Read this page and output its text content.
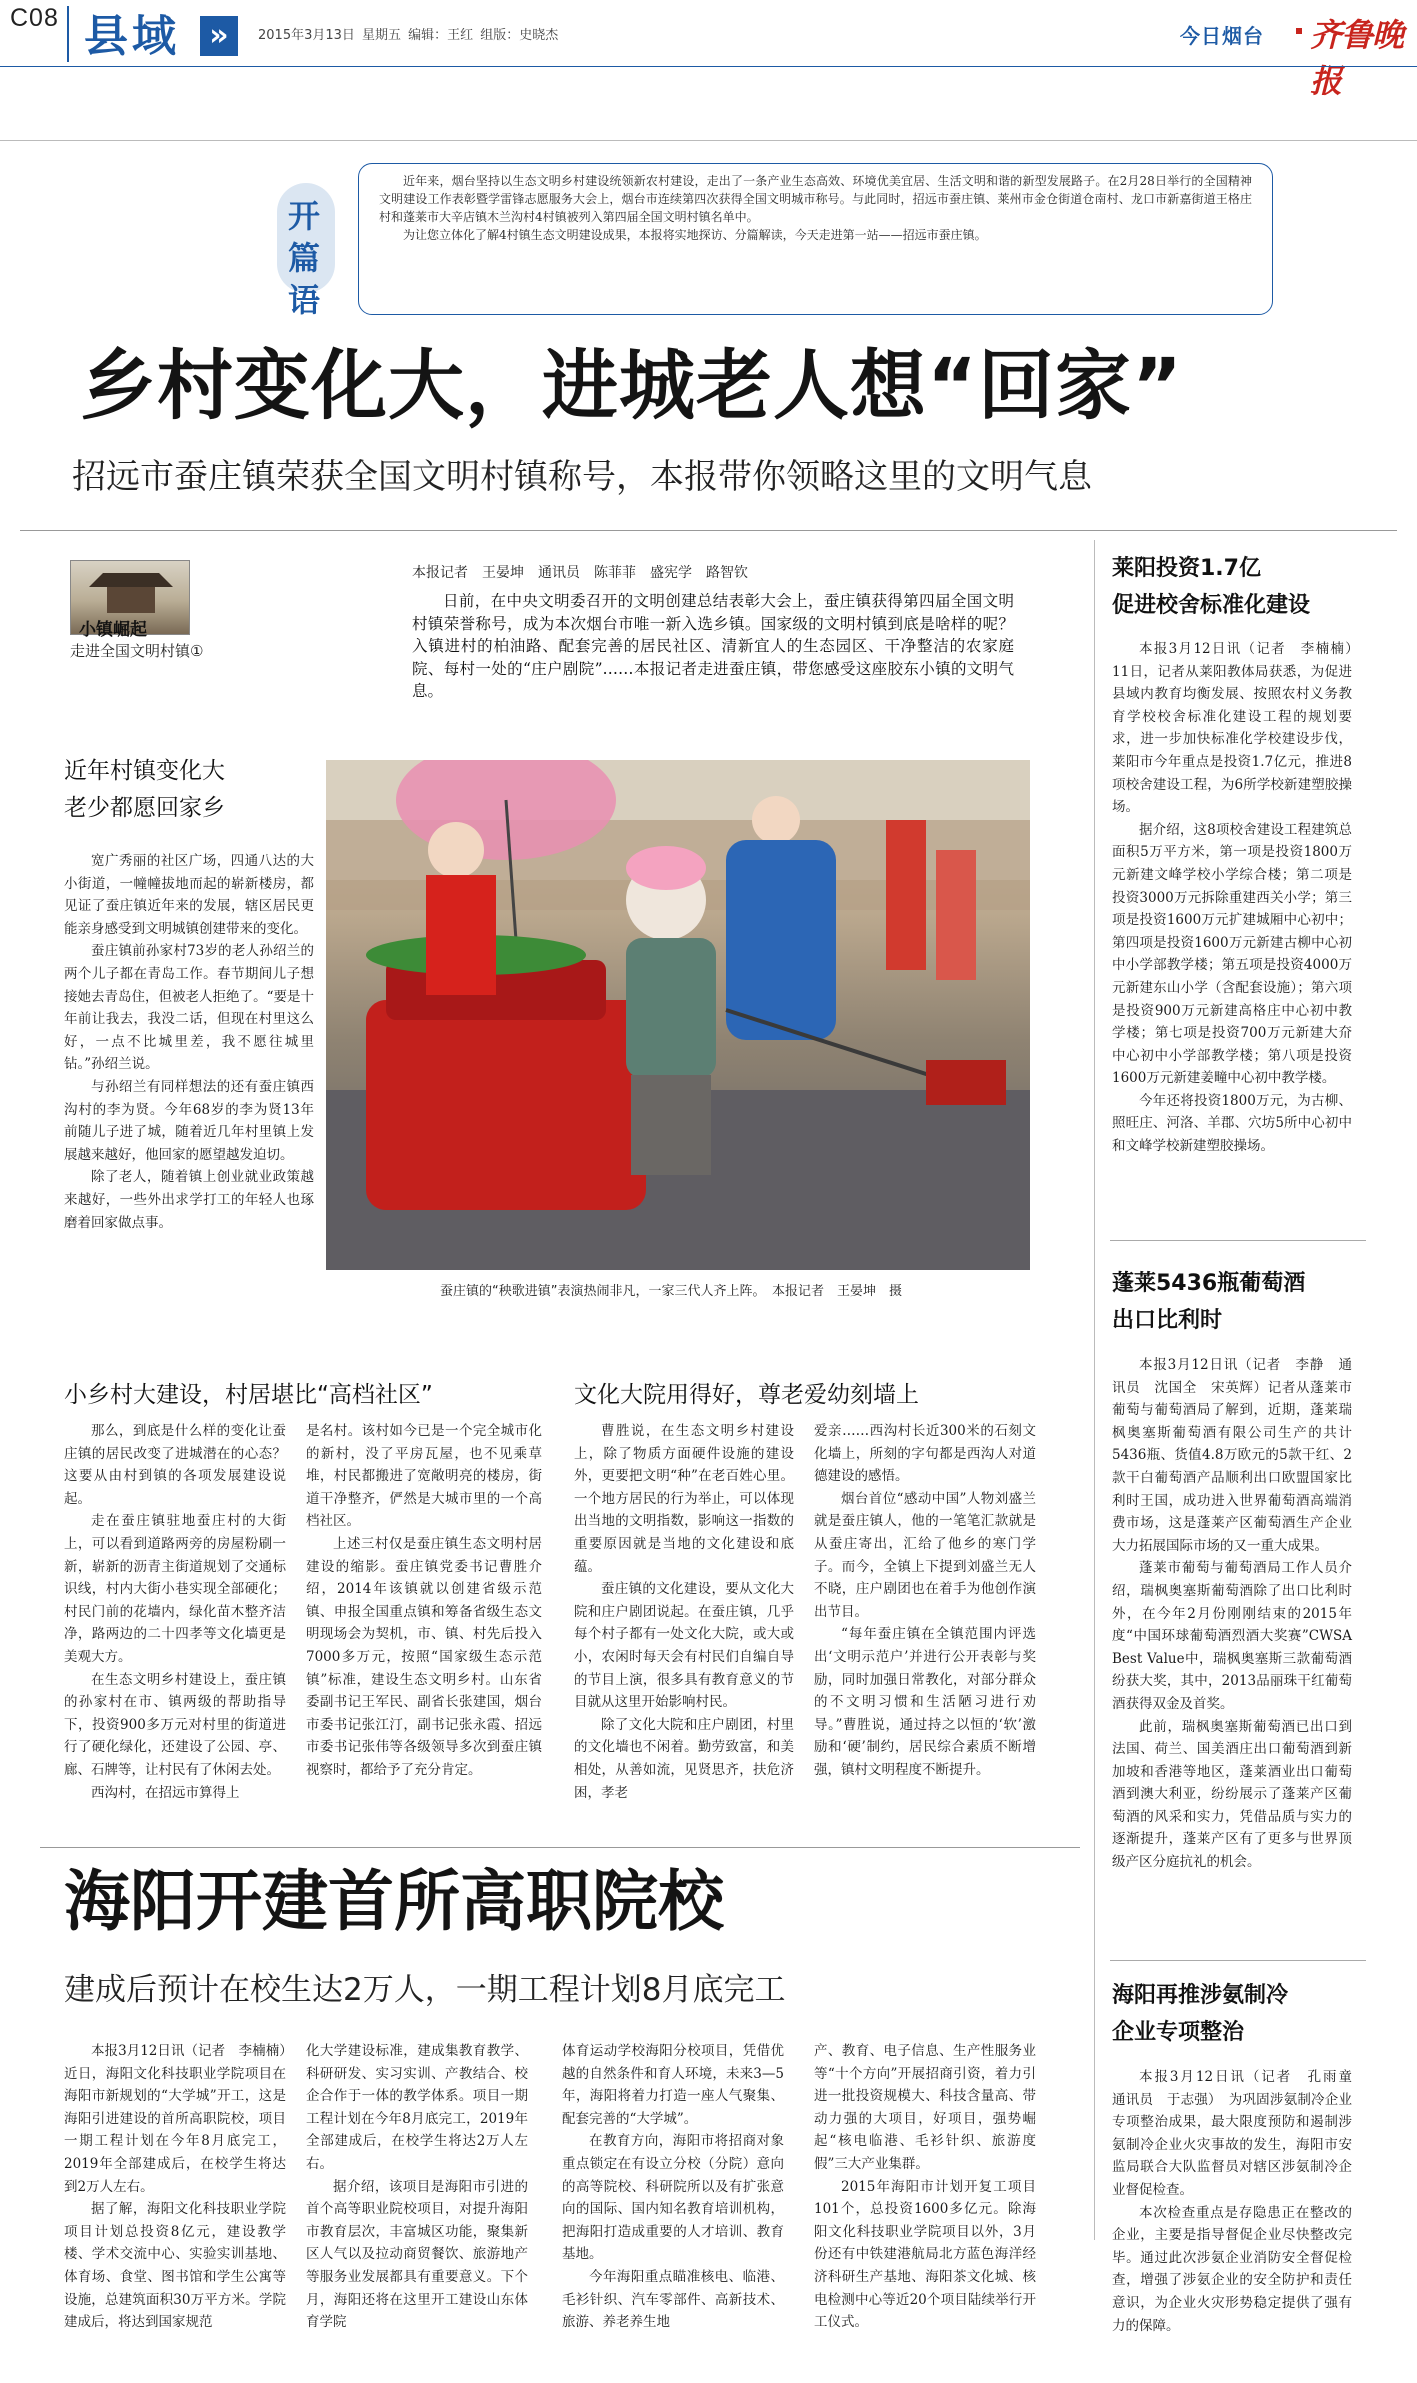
C08 县域 »	2015年3月13日 星期五 编辑：王红 组版：史晓杰	今日烟台 齐鲁晚报
开
篇
语

近年来，烟台坚持以生态文明乡村建设统领新农村建设，走出了一条产业生态高效、环境优美宜居、生活文明和谐的新型发展路子。在2月28日举行的全国精神文明建设工作表彰暨学雷锋志愿服务大会上，烟台市连续第四次获得全国文明城市称号。与此同时，招远市蚕庄镇、莱州市金仓街道仓南村、龙口市新嘉街道王格庄村和蓬莱市大辛店镇木兰沟村4村镇被列入第四届全国文明村镇名单中。

为让您立体化了解4村镇生态文明建设成果，本报将实地探访、分篇解读，今天走进第一站——招远市蚕庄镇。

乡村变化大，进城老人想“回家”
招远市蚕庄镇荣获全国文明村镇称号，本报带你领略这里的文明气息
小镇崛起
走进全国文明村镇①
本报记者　王晏坤　通讯员　陈菲菲　盛宪学　路智钦
日前，在中央文明委召开的文明创建总结表彰大会上，蚕庄镇获得第四届全国文明村镇荣誉称号，成为本次烟台市唯一新入选乡镇。国家级的文明村镇到底是啥样的呢？入镇进村的柏油路、配套完善的居民社区、清新宜人的生态园区、干净整洁的农家庭院、每村一处的“庄户剧院”……本报记者走进蚕庄镇，带您感受这座胶东小镇的文明气息。
近年村镇变化大
老少都愿回家乡

宽广秀丽的社区广场，四通八达的大小街道，一幢幢拔地而起的崭新楼房，都见证了蚕庄镇近年来的发展，辖区居民更能亲身感受到文明城镇创建带来的变化。

蚕庄镇前孙家村73岁的老人孙绍兰的两个儿子都在青岛工作。春节期间儿子想接她去青岛住，但被老人拒绝了。“要是十年前让我去，我没二话，但现在村里这么好，一点不比城里差，我不愿往城里钻。”孙绍兰说。

与孙绍兰有同样想法的还有蚕庄镇西沟村的李为贤。今年68岁的李为贤13年前随儿子进了城，随着近几年村里镇上发展越来越好，他回家的愿望越发迫切。

除了老人，随着镇上创业就业政策越来越好，一些外出求学打工的年轻人也琢磨着回家做点事。

蚕庄镇的“秧歌进镇”表演热闹非凡，一家三代人齐上阵。　本报记者　王晏坤　摄
小乡村大建设，村居堪比“高档社区”

那么，到底是什么样的变化让蚕庄镇的居民改变了进城潜在的心态？这要从由村到镇的各项发展建设说起。

走在蚕庄镇驻地蚕庄村的大街上，可以看到道路两旁的房屋粉刷一新，崭新的沥青主街道规划了交通标识线，村内大街小巷实现全部硬化；村民门前的花墙内，绿化苗木整齐洁净，路两边的二十四孝等文化墙更是美观大方。

在生态文明乡村建设上，蚕庄镇的孙家村在市、镇两级的帮助指导下，投资900多万元对村里的街道进行了硬化绿化，还建设了公园、亭、廊、石牌等，让村民有了休闲去处。

西沟村，在招远市算得上

是名村。该村如今已是一个完全城市化的新村，没了平房瓦屋，也不见乘草堆，村民都搬进了宽敞明亮的楼房，街道干净整齐，俨然是大城市里的一个高档社区。

上述三村仅是蚕庄镇生态文明村居建设的缩影。蚕庄镇党委书记曹胜介绍，2014年该镇就以创建省级示范镇、申报全国重点镇和筹备省级生态文明现场会为契机，市、镇、村先后投入7000多万元，按照“国家级生态示范镇”标准，建设生态文明乡村。山东省委副书记王军民、副省长张建国，烟台市委书记张江汀，副书记张永霞、招远市委书记张伟等各级领导多次到蚕庄镇视察时，都给予了充分肯定。

文化大院用得好，尊老爱幼刻墙上

曹胜说，在生态文明乡村建设上，除了物质方面硬件设施的建设外，更要把文明“种”在老百姓心里。一个地方居民的行为举止，可以体现出当地的文明指数，影响这一指数的重要原因就是当地的文化建设和底蕴。

蚕庄镇的文化建设，要从文化大院和庄户剧团说起。在蚕庄镇，几乎每个村子都有一处文化大院，或大或小，农闲时每天会有村民们自编自导的节目上演，很多具有教育意义的节目就从这里开始影响村民。

除了文化大院和庄户剧团，村里的文化墙也不闲着。勤劳致富，和美相处，从善如流，见贤思齐，扶危济困，孝老

爱亲……西沟村长近300米的石刻文化墙上，所刻的字句都是西沟人对道德建设的感悟。

烟台首位“感动中国”人物刘盛兰就是蚕庄镇人，他的一笔笔汇款就是从蚕庄寄出，汇给了他乡的寒门学子。而今，全镇上下提到刘盛兰无人不晓，庄户剧团也在着手为他创作演出节目。

“每年蚕庄镇在全镇范围内评选出‘文明示范户’并进行公开表彰与奖励，同时加强日常教化，对部分群众的不文明习惯和生活陋习进行劝导。”曹胜说，通过持之以恒的‘软’激励和‘硬’制约，居民综合素质不断增强，镇村文明程度不断提升。

莱阳投资1.7亿
促进校舍标准化建设

本报3月12日讯（记者　李楠楠）　11日，记者从莱阳教体局获悉，为促进县域内教育均衡发展、按照农村义务教育学校校舍标准化建设工程的规划要求，进一步加快标准化学校建设步伐，莱阳市今年重点是投资1.7亿元，推进8项校舍建设工程，为6所学校新建塑胶操场。

据介绍，这8项校舍建设工程建筑总面积5万平方米，第一项是投资1800万元新建文峰学校小学综合楼；第二项是投资3000万元拆除重建西关小学；第三项是投资1600万元扩建城厢中心初中；第四项是投资1600万元新建古柳中心初中小学部教学楼；第五项是投资4000万元新建东山小学（含配套设施）；第六项是投资900万元新建高格庄中心初中教学楼；第七项是投资700万元新建大夼中心初中小学部教学楼；第八项是投资1600万元新建姜疃中心初中教学楼。

今年还将投资1800万元，为古柳、照旺庄、河洛、羊郡、穴坊5所中心初中和文峰学校新建塑胶操场。

蓬莱5436瓶葡萄酒
出口比利时

本报3月12日讯（记者　李静　通讯员　沈国全　宋英辉）记者从蓬莱市葡萄与葡萄酒局了解到，近期，蓬莱瑞枫奥塞斯葡萄酒有限公司生产的共计5436瓶、货值4.8万欧元的5款干红、2款干白葡萄酒产品顺利出口欧盟国家比利时王国，成功进入世界葡萄酒高端消费市场，这是蓬莱产区葡萄酒生产企业大力拓展国际市场的又一重大成果。

蓬莱市葡萄与葡萄酒局工作人员介绍，瑞枫奥塞斯葡萄酒除了出口比利时外，在今年2月份刚刚结束的2015年度“中国环球葡萄酒烈酒大奖赛”CWSA Best Value中，瑞枫奥塞斯三款葡萄酒纷获大奖，其中，2013品丽珠干红葡萄酒获得双金及首奖。

此前，瑞枫奥塞斯葡萄酒已出口到法国、荷兰、国美酒庄出口葡萄酒到新加坡和香港等地区，蓬莱酒业出口葡萄酒到澳大利亚，纷纷展示了蓬莱产区葡萄酒的风采和实力，凭借品质与实力的逐渐提升，蓬莱产区有了更多与世界顶级产区分庭抗礼的机会。

海阳再推涉氨制冷
企业专项整治

本报3月12日讯（记者　孔雨童　通讯员　于志强）　为巩固涉氨制冷企业专项整治成果，最大限度预防和遏制涉氨制冷企业火灾事故的发生，海阳市安监局联合大队监督员对辖区涉氨制冷企业督促检查。

本次检查重点是存隐患正在整改的企业，主要是指导督促企业尽快整改完毕。通过此次涉氨企业消防安全督促检查，增强了涉氨企业的安全防护和责任意识，为企业火灾形势稳定提供了强有力的保障。

海阳开建首所高职院校
建成后预计在校生达2万人，一期工程计划8月底完工

本报3月12日讯（记者　李楠楠）　近日，海阳文化科技职业学院项目在海阳市新规划的“大学城”开工，这是海阳引进建设的首所高职院校，项目一期工程计划在今年8月底完工，2019年全部建成后，在校学生将达到2万人左右。

据了解，海阳文化科技职业学院项目计划总投资8亿元，建设教学楼、学术交流中心、实验实训基地、体育场、食堂、图书馆和学生公寓等设施，总建筑面积30万平方米。学院建成后，将达到国家规范

化大学建设标准，建成集教育教学、科研研发、实习实训、产教结合、校企合作于一体的教学体系。项目一期工程计划在今年8月底完工，2019年全部建成后，在校学生将达2万人左右。

据介绍，该项目是海阳市引进的首个高等职业院校项目，对提升海阳市教育层次，丰富城区功能，聚集新区人气以及拉动商贸餐饮、旅游地产等服务业发展都具有重要意义。下个月，海阳还将在这里开工建设山东体育学院

体育运动学校海阳分校项目，凭借优越的自然条件和育人环境，未来3—5年，海阳将着力打造一座人气聚集、配套完善的“大学城”。

在教育方向，海阳市将招商对象重点锁定在有设立分校（分院）意向的高等院校、科研院所以及有扩张意向的国际、国内知名教育培训机构，把海阳打造成重要的人才培训、教育基地。

今年海阳重点瞄准核电、临港、毛衫针织、汽车零部件、高新技术、旅游、养老养生地

产、教育、电子信息、生产性服务业等“十个方向”开展招商引资，着力引进一批投资规模大、科技含量高、带动力强的大项目，好项目，强势崛起“核电临港、毛衫针织、旅游度假”三大产业集群。

2015年海阳市计划开复工项目101个，总投资1600多亿元。除海阳文化科技职业学院项目以外，3月份还有中铁建港航局北方蓝色海洋经济科研生产基地、海阳茶文化城、核电检测中心等近20个项目陆续举行开工仪式。
